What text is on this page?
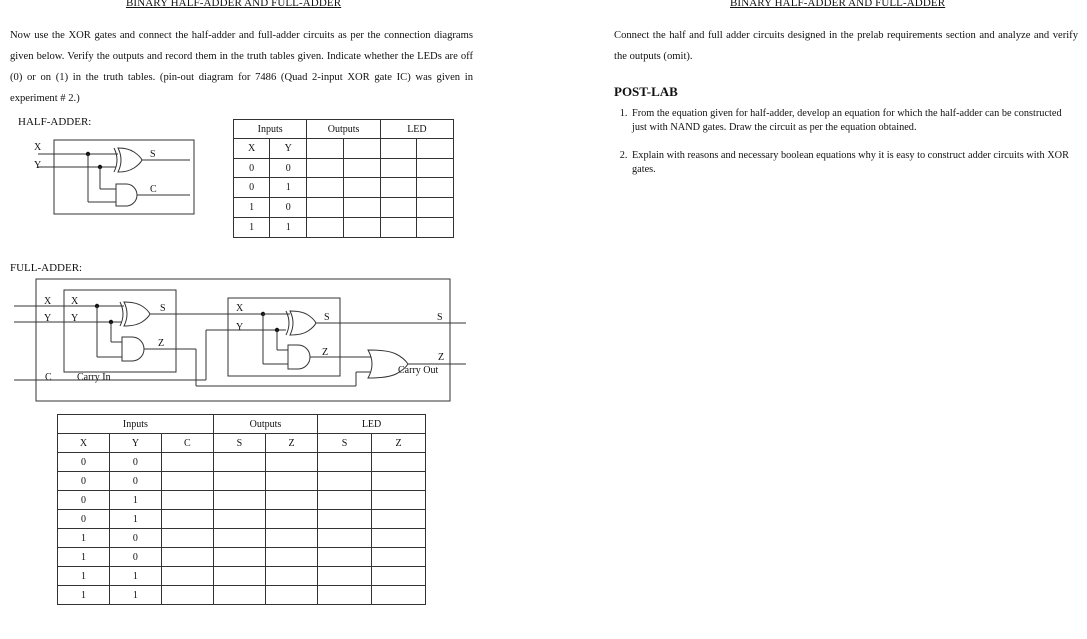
BINARY HALF-ADDER AND FULL-ADDER
Now use the XOR gates and connect the half-adder and full-adder circuits as per the connection diagrams given below. Verify the outputs and record them in the truth tables given. Indicate whether the LEDs are off (0) or on (1) in the truth tables. (pin-out diagram for 7486 (Quad 2-input XOR gate IC) was given in experiment # 2.)
HALF-ADDER:
X
Y
S
C
Inputs		Outputs		LED	
X	Y				
0	0				
0	1				
1	0				
1	1				
FULL-ADDER:
X
Y
C
X
Y
Carry In
S
Z
X
Y
S
Z
S
Z
Carry Out
Inputs			Outputs		LED	
X	Y	C	S	Z	S	Z
0	0					
0	0					
0	1					
0	1					
1	0					
1	0					
1	1					
1	1					
BINARY HALF-ADDER AND FULL-ADDER
Connect the half and full adder circuits designed in the prelab requirements section and analyze and verify the outputs (omit).
POST-LAB
1. From the equation given for half-adder, develop an equation for which the half-adder can be constructed just with NAND gates. Draw the circuit as per the equation obtained.
2. Explain with reasons and necessary boolean equations why it is easy to construct adder circuits with XOR gates.
